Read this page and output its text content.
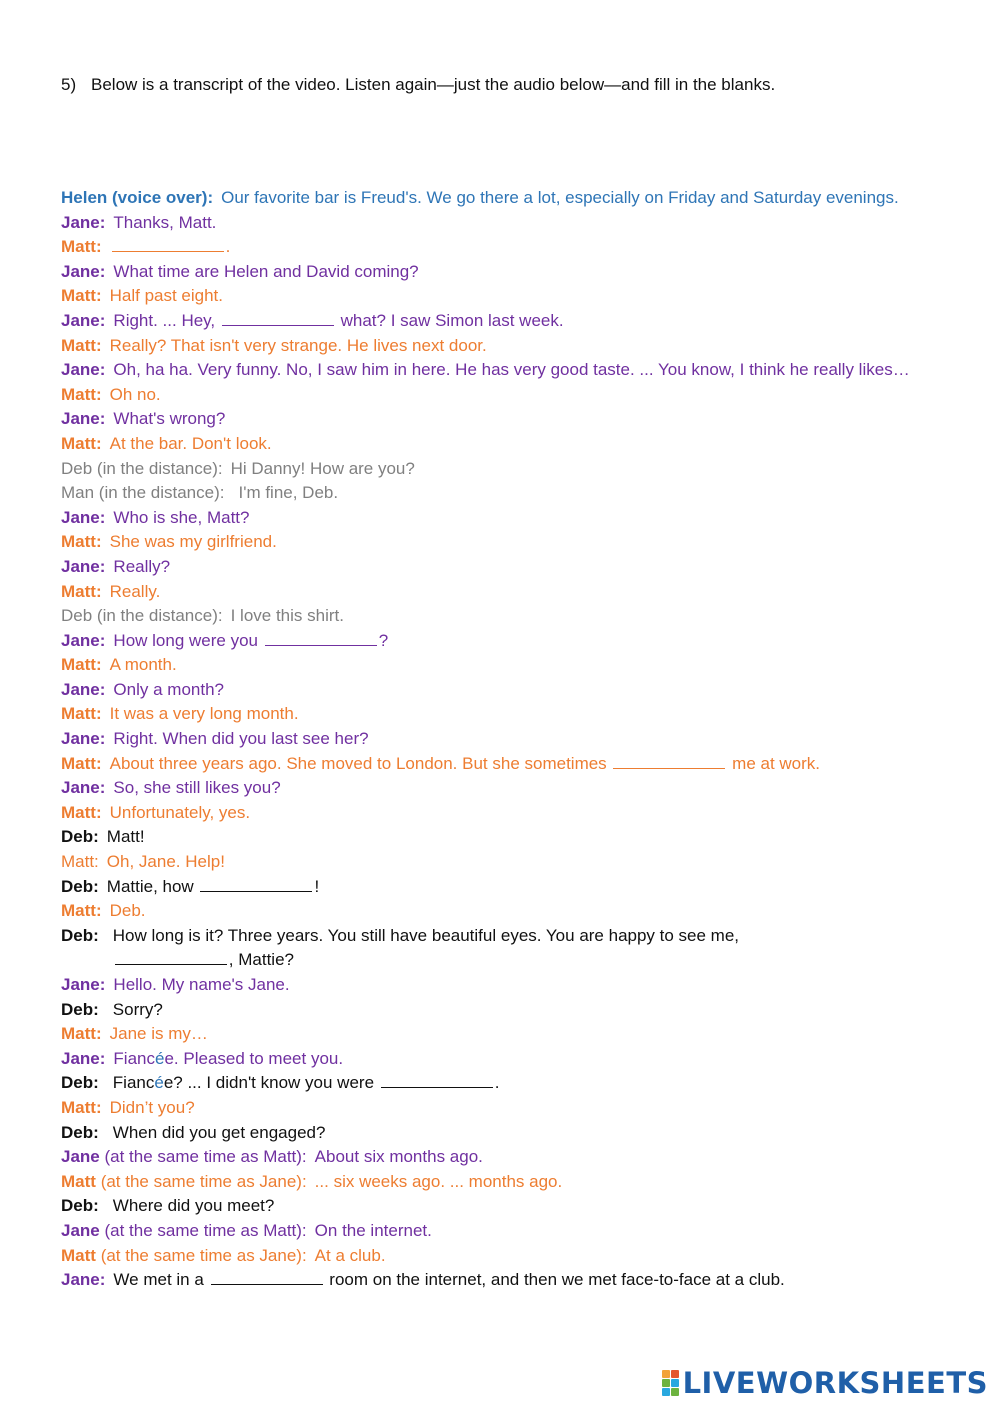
5) Below is a transcript of the video. Listen again—just the audio below—and fill in the blanks.
Helen (voice over): Our favorite bar is Freud's. We go there a lot, especially on Friday and Saturday evenings.
Jane: Thanks, Matt.
Matt:	.
Jane: What time are Helen and David coming?
Matt: Half past eight.
Jane: Right. ... Hey,	what? I saw Simon last week.
Matt: Really? That isn't very strange. He lives next door.
Jane: Oh, ha ha. Very funny. No, I saw him in here. He has very good taste. ... You know, I think he really likes…
Matt: Oh no.
Jane: What's wrong?
Matt: At the bar. Don't look.
Deb (in the distance): Hi Danny! How are you?
Man (in the distance): I'm fine, Deb.
Jane: Who is she, Matt?
Matt: She was my girlfriend.
Jane: Really?
Matt: Really.
Deb (in the distance): I love this shirt.
Jane: How long were you	?
Matt: A month.
Jane: Only a month?
Matt: It was a very long month.
Jane: Right. When did you last see her?
Matt: About three years ago. She moved to London. But she sometimes	me at work.
Jane: So, she still likes you?
Matt: Unfortunately, yes.
Deb: Matt!
Matt: Oh, Jane. Help!
Deb: Mattie, how	!
Matt: Deb.
Deb: How long is it? Three years. You still have beautiful eyes. You are happy to see me, , Mattie?
Jane: Hello. My name's Jane.
Deb: Sorry?
Matt: Jane is my…
Jane: Fiancée. Pleased to meet you.
Deb: Fiancée? ... I didn't know you were	.
Matt: Didn’t you?
Deb: When did you get engaged?
Jane (at the same time as Matt): About six months ago.
Matt (at the same time as Jane): ... six weeks ago. ... months ago.
Deb: Where did you meet?
Jane (at the same time as Matt): On the internet.
Matt (at the same time as Jane): At a club.
Jane: We met in a	room on the internet, and then we met face-to-face at a club.
LIVEWORKSHEETS
